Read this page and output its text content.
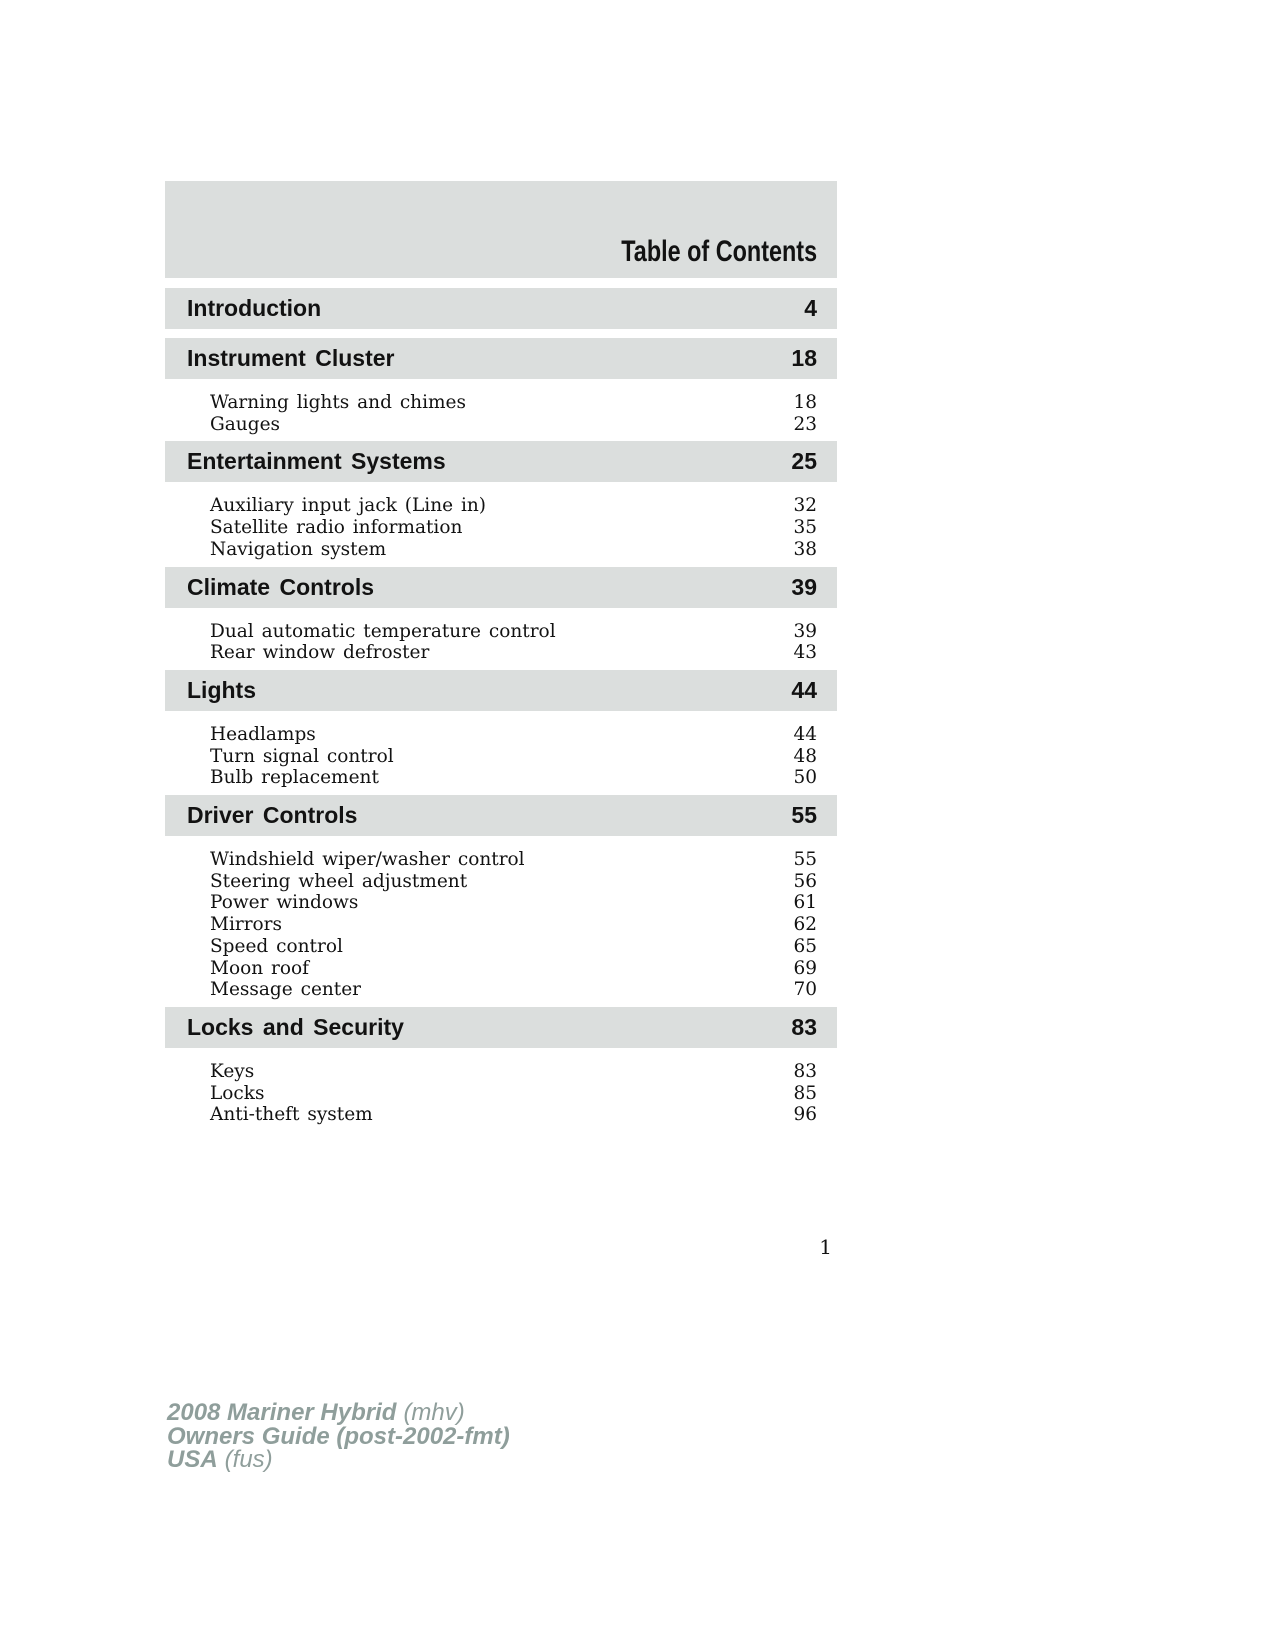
Table of Contents
Introduction	4
Instrument Cluster	18
Warning lights and chimes	18
Gauges	23
Entertainment Systems	25
Auxiliary input jack (Line in)	32
Satellite radio information	35
Navigation system	38
Climate Controls	39
Dual automatic temperature control	39
Rear window defroster	43
Lights	44
Headlamps	44
Turn signal control	48
Bulb replacement	50
Driver Controls	55
Windshield wiper/washer control	55
Steering wheel adjustment	56
Power windows	61
Mirrors	62
Speed control	65
Moon roof	69
Message center	70
Locks and Security	83
Keys	83
Locks	85
Anti-theft system	96
1
2008 Mariner Hybrid (mhv)
Owners Guide (post-2002-fmt)
USA (fus)
